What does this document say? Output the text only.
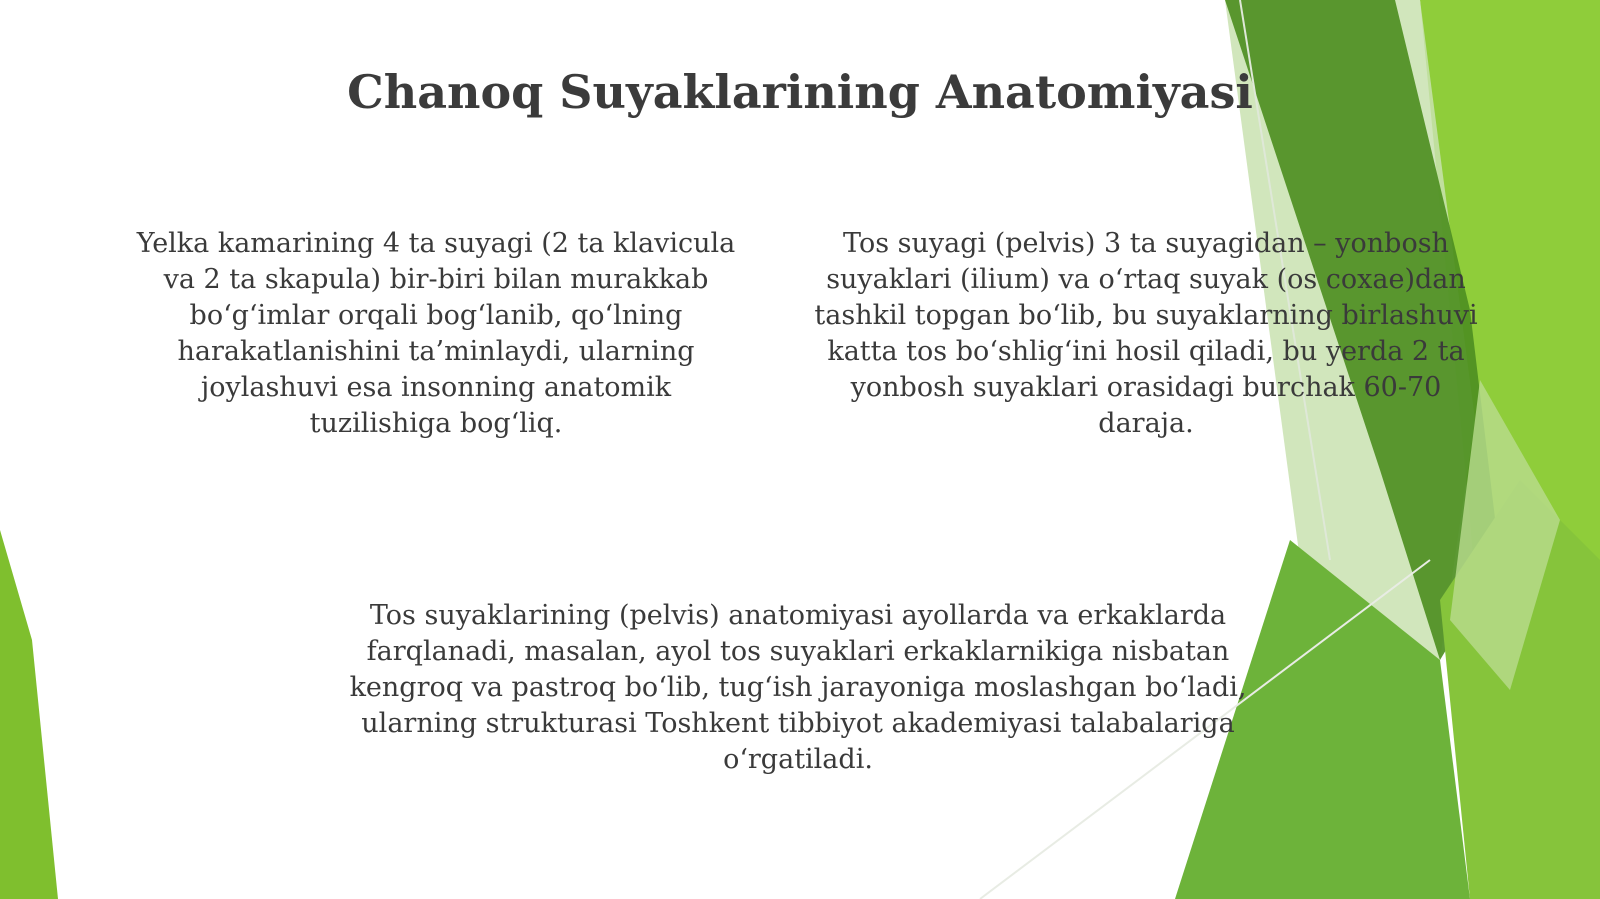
Chanoq Suyaklarining Anatomiyasi

Yelka kamarining 4 ta suyagi (2 ta klavicula
va 2 ta skapula) bir-biri bilan murakkab
bo‘g‘imlar orqali bog‘lanib, qo‘lning
harakatlanishini ta’minlaydi, ularning
joylashuvi esa insonning anatomik
tuzilishiga bog‘liq.

Tos suyagi (pelvis) 3 ta suyagidan – yonbosh
suyaklari (ilium) va o‘rtaq suyak (os coxae)dan
tashkil topgan bo‘lib, bu suyaklarning birlashuvi
katta tos bo‘shlig‘ini hosil qiladi, bu yerda 2 ta
yonbosh suyaklari orasidagi burchak 60-70
daraja.

Tos suyaklarining (pelvis) anatomiyasi ayollarda va erkaklarda
farqlanadi, masalan, ayol tos suyaklari erkaklarnikiga nisbatan
kengroq va pastroq bo‘lib, tug‘ish jarayoniga moslashgan bo‘ladi,
ularning strukturasi Toshkent tibbiyot akademiyasi talabalariga
o‘rgatiladi.
